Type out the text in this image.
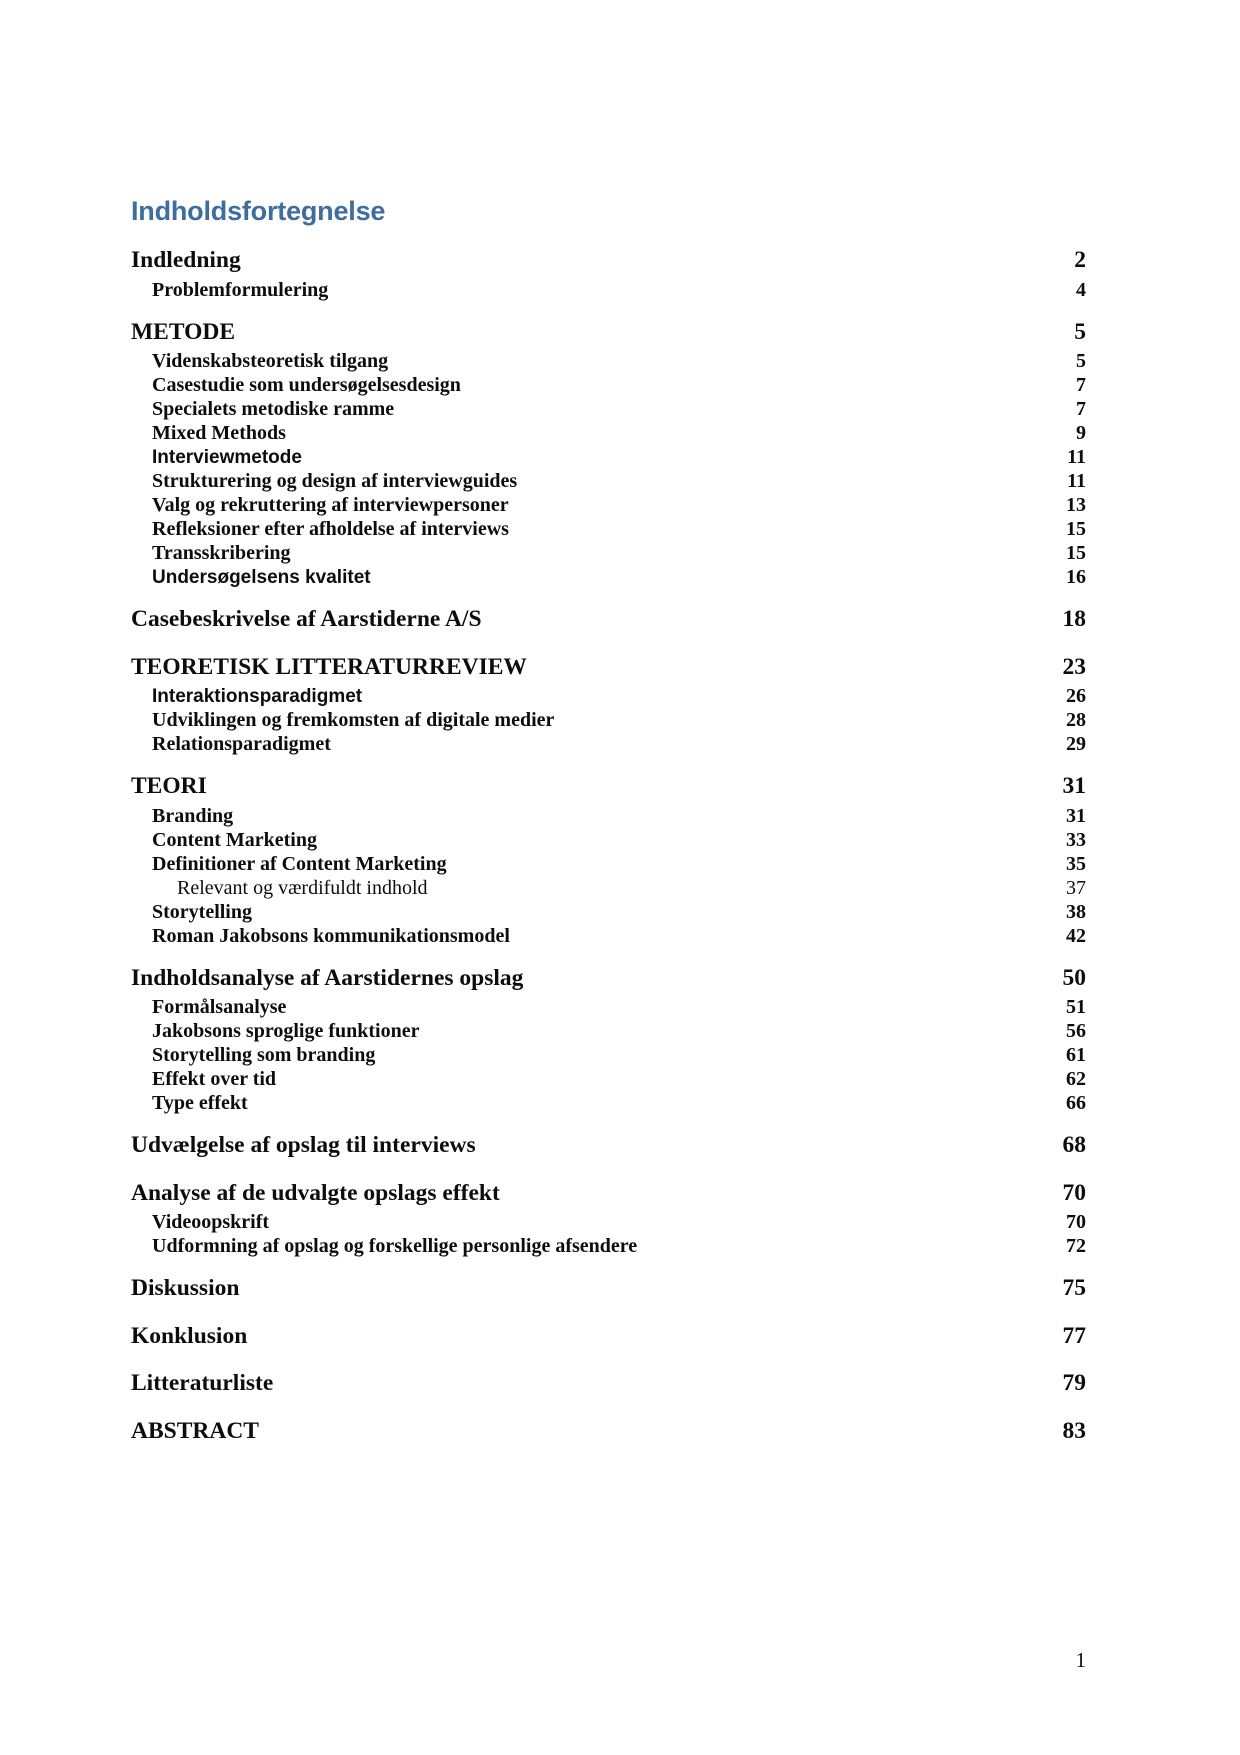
Indholdsfortegnelse
Indledning	2
Problemformulering	4
METODE	5
Videnskabsteoretisk tilgang	5
Casestudie som undersøgelsesdesign	7
Specialets metodiske ramme	7
Mixed Methods	9
Interviewmetode	11
Strukturering og design af interviewguides	11
Valg og rekruttering af interviewpersoner	13
Refleksioner efter afholdelse af interviews	15
Transskribering	15
Undersøgelsens kvalitet	16
Casebeskrivelse af Aarstiderne A/S	18
TEORETISK LITTERATURREVIEW	23
Interaktionsparadigmet	26
Udviklingen og fremkomsten af digitale medier	28
Relationsparadigmet	29
TEORI	31
Branding	31
Content Marketing	33
Definitioner af Content Marketing	35
Relevant og værdifuldt indhold	37
Storytelling	38
Roman Jakobsons kommunikationsmodel	42
Indholdsanalyse af Aarstidernes opslag	50
Formålsanalyse	51
Jakobsons sproglige funktioner	56
Storytelling som branding	61
Effekt over tid	62
Type effekt	66
Udvælgelse af opslag til interviews	68
Analyse af de udvalgte opslags effekt	70
Videoopskrift	70
Udformning af opslag og forskellige personlige afsendere	72
Diskussion	75
Konklusion	77
Litteraturliste	79
ABSTRACT	83
1
